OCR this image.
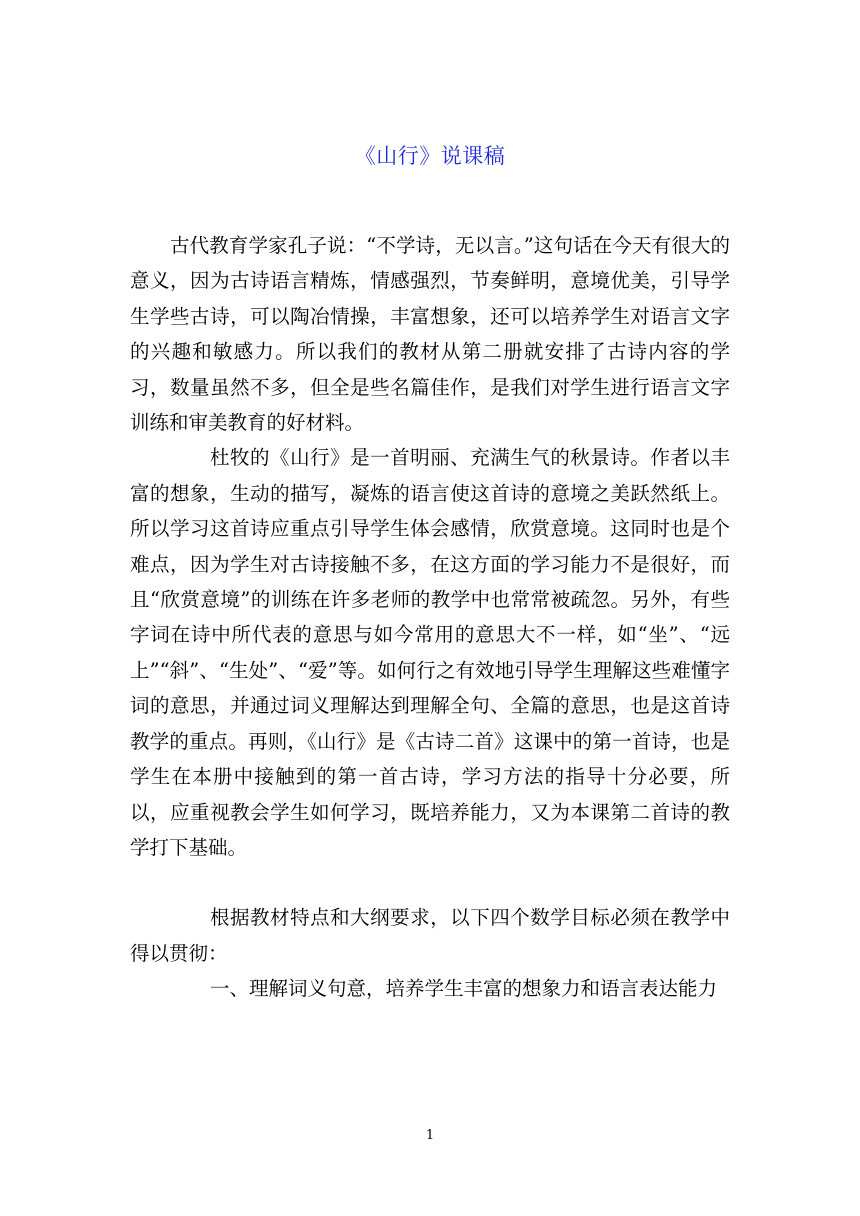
《山行》说课稿

古代教育学家孔子说：“不学诗，无以言。”这句话在今天有很大的意义，因为古诗语言精炼，情感强烈，节奏鲜明，意境优美，引导学生学些古诗，可以陶冶情操，丰富想象，还可以培养学生对语言文字的兴趣和敏感力。所以我们的教材从第二册就安排了古诗内容的学习，数量虽然不多，但全是些名篇佳作，是我们对学生进行语言文字训练和审美教育的好材料。

杜牧的《山行》是一首明丽、充满生气的秋景诗。作者以丰富的想象，生动的描写，凝炼的语言使这首诗的意境之美跃然纸上。所以学习这首诗应重点引导学生体会感情，欣赏意境。这同时也是个难点，因为学生对古诗接触不多，在这方面的学习能力不是很好，而且“欣赏意境”的训练在许多老师的教学中也常常被疏忽。另外，有些字词在诗中所代表的意思与如今常用的意思大不一样，如“坐”、“远上”“斜”、“生处”、“爱”等。如何行之有效地引导学生理解这些难懂字词的意思，并通过词义理解达到理解全句、全篇的意思，也是这首诗教学的重点。再则，《山行》是《古诗二首》这课中的第一首诗，也是学生在本册中接触到的第一首古诗，学习方法的指导十分必要，所以，应重视教会学生如何学习，既培养能力，又为本课第二首诗的教学打下基础。

根据教材特点和大纲要求，以下四个数学目标必须在教学中得以贯彻：

一、理解词义句意，培养学生丰富的想象力和语言表达能力

1
